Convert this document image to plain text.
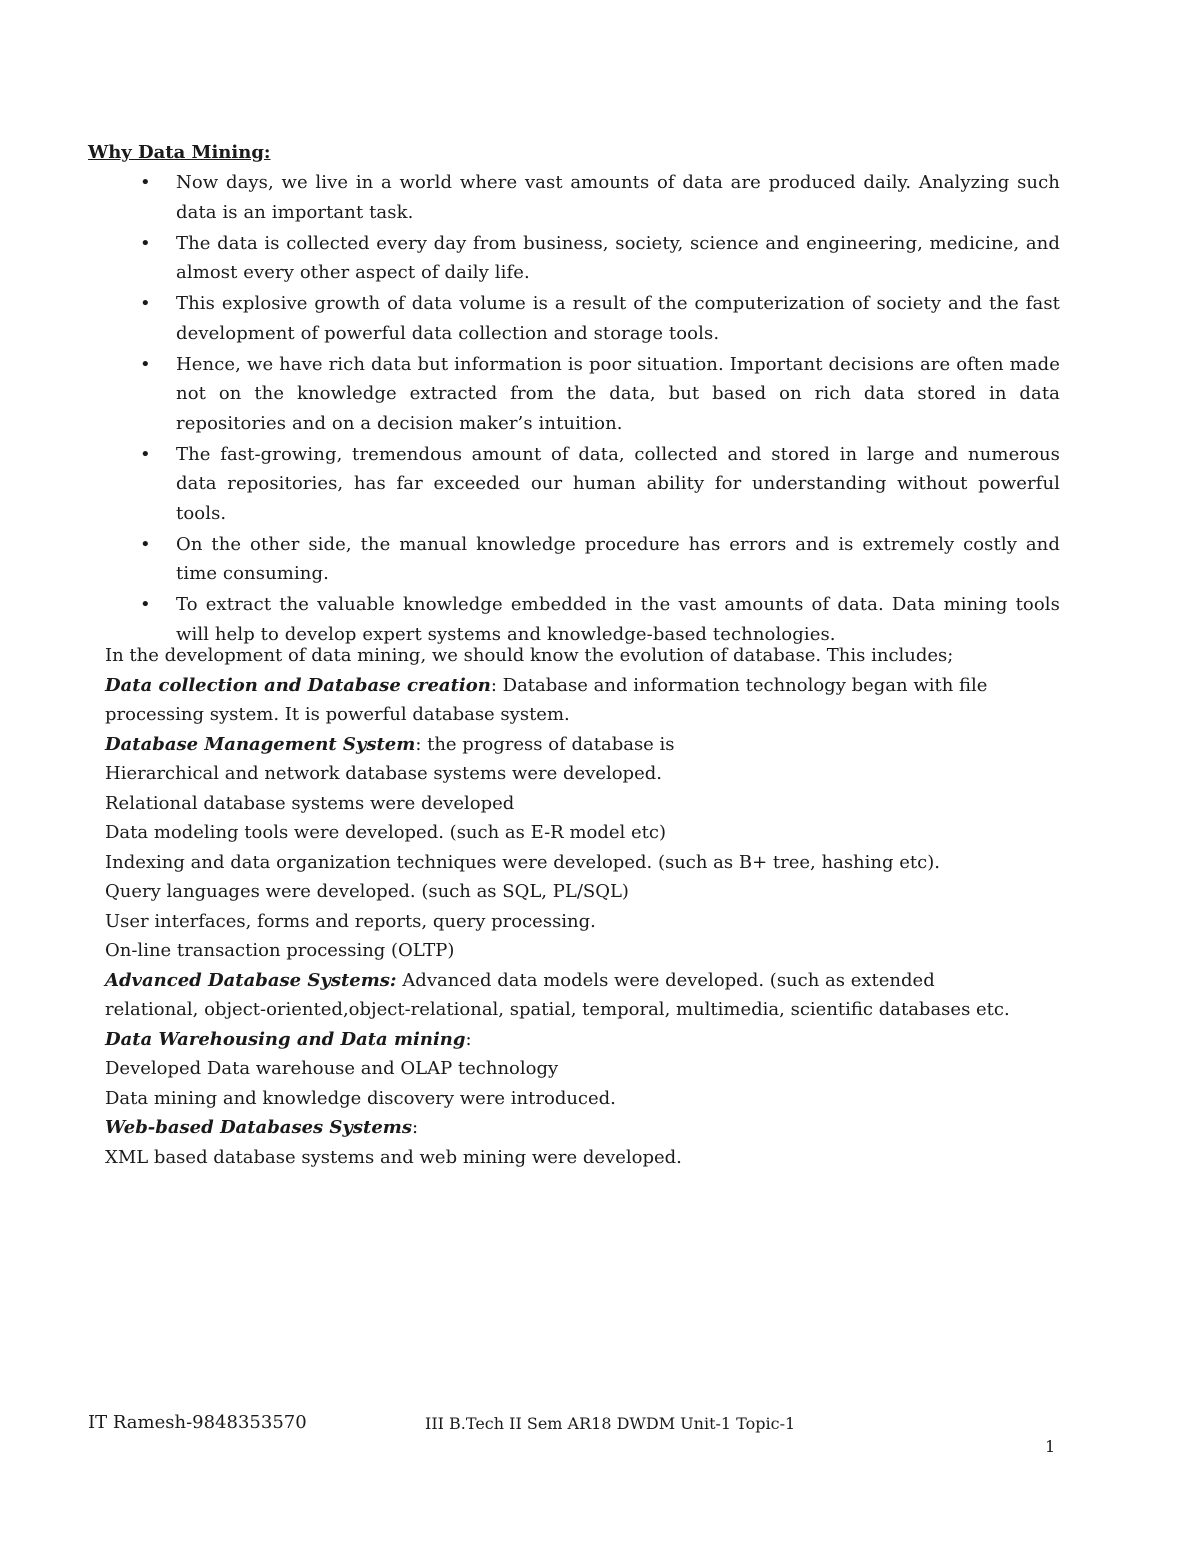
Why Data Mining:

• Now days, we live in a world where vast amounts of data are produced daily. Analyzing such data is an important task.
• The data is collected every day from business, society, science and engineering, medicine, and almost every other aspect of daily life.
• This explosive growth of data volume is a result of the computerization of society and the fast development of powerful data collection and storage tools.
• Hence, we have rich data but information is poor situation. Important decisions are often made not on the knowledge extracted from the data, but based on rich data stored in data repositories and on a decision maker’s intuition.
• The fast-growing, tremendous amount of data, collected and stored in large and numerous data repositories, has far exceeded our human ability for understanding without powerful tools.
• On the other side, the manual knowledge procedure has errors and is extremely costly and time consuming.
• To extract the valuable knowledge embedded in the vast amounts of data. Data mining tools will help to develop expert systems and knowledge-based technologies.

In the development of data mining, we should know the evolution of database. This includes;

Data collection and Database creation: Database and information technology began with file processing system. It is powerful database system.

Database Management System: the progress of database is

Hierarchical and network database systems were developed.

Relational database systems were developed

Data modeling tools were developed. (such as E-R model etc)

Indexing and data organization techniques were developed. (such as B+ tree, hashing etc).

Query languages were developed. (such as SQL, PL/SQL)

User interfaces, forms and reports, query processing.

On-line transaction processing (OLTP)

Advanced Database Systems: Advanced data models were developed. (such as extended relational, object-oriented,object-relational, spatial, temporal, multimedia, scientific databases etc.

Data Warehousing and Data mining:

Developed Data warehouse and OLAP technology

Data mining and knowledge discovery were introduced.

Web-based Databases Systems:

XML based database systems and web mining were developed.

IT Ramesh-9848353570	III B.Tech II Sem AR18 DWDM Unit-1 Topic-1
1
